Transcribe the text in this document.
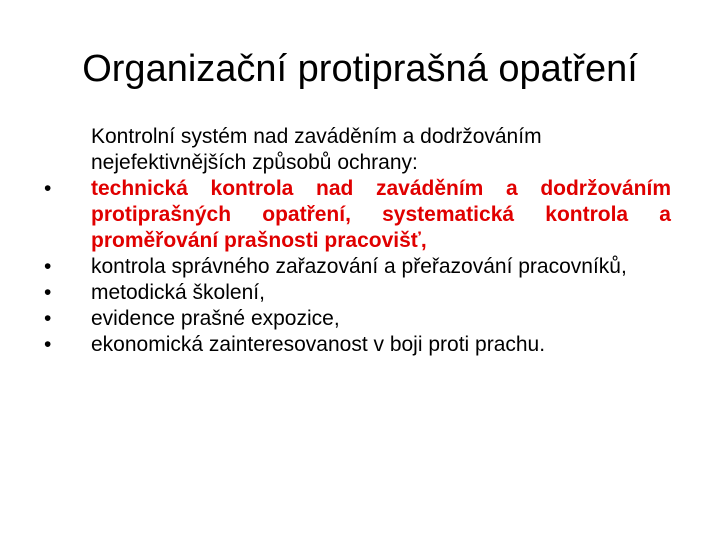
Organizační protiprašná opatření
Kontrolní systém nad zaváděním a dodržováním nejefektivnějších způsobů ochrany:
•	technická kontrola nad zaváděním a dodržováním protiprašných opatření, systematická kontrola a proměřování prašnosti pracovišť,
•	kontrola správného zařazování a přeřazování pracovníků,
•	metodická školení,
•	evidence prašné expozice,
•	ekonomická zainteresovanost v boji proti prachu.
